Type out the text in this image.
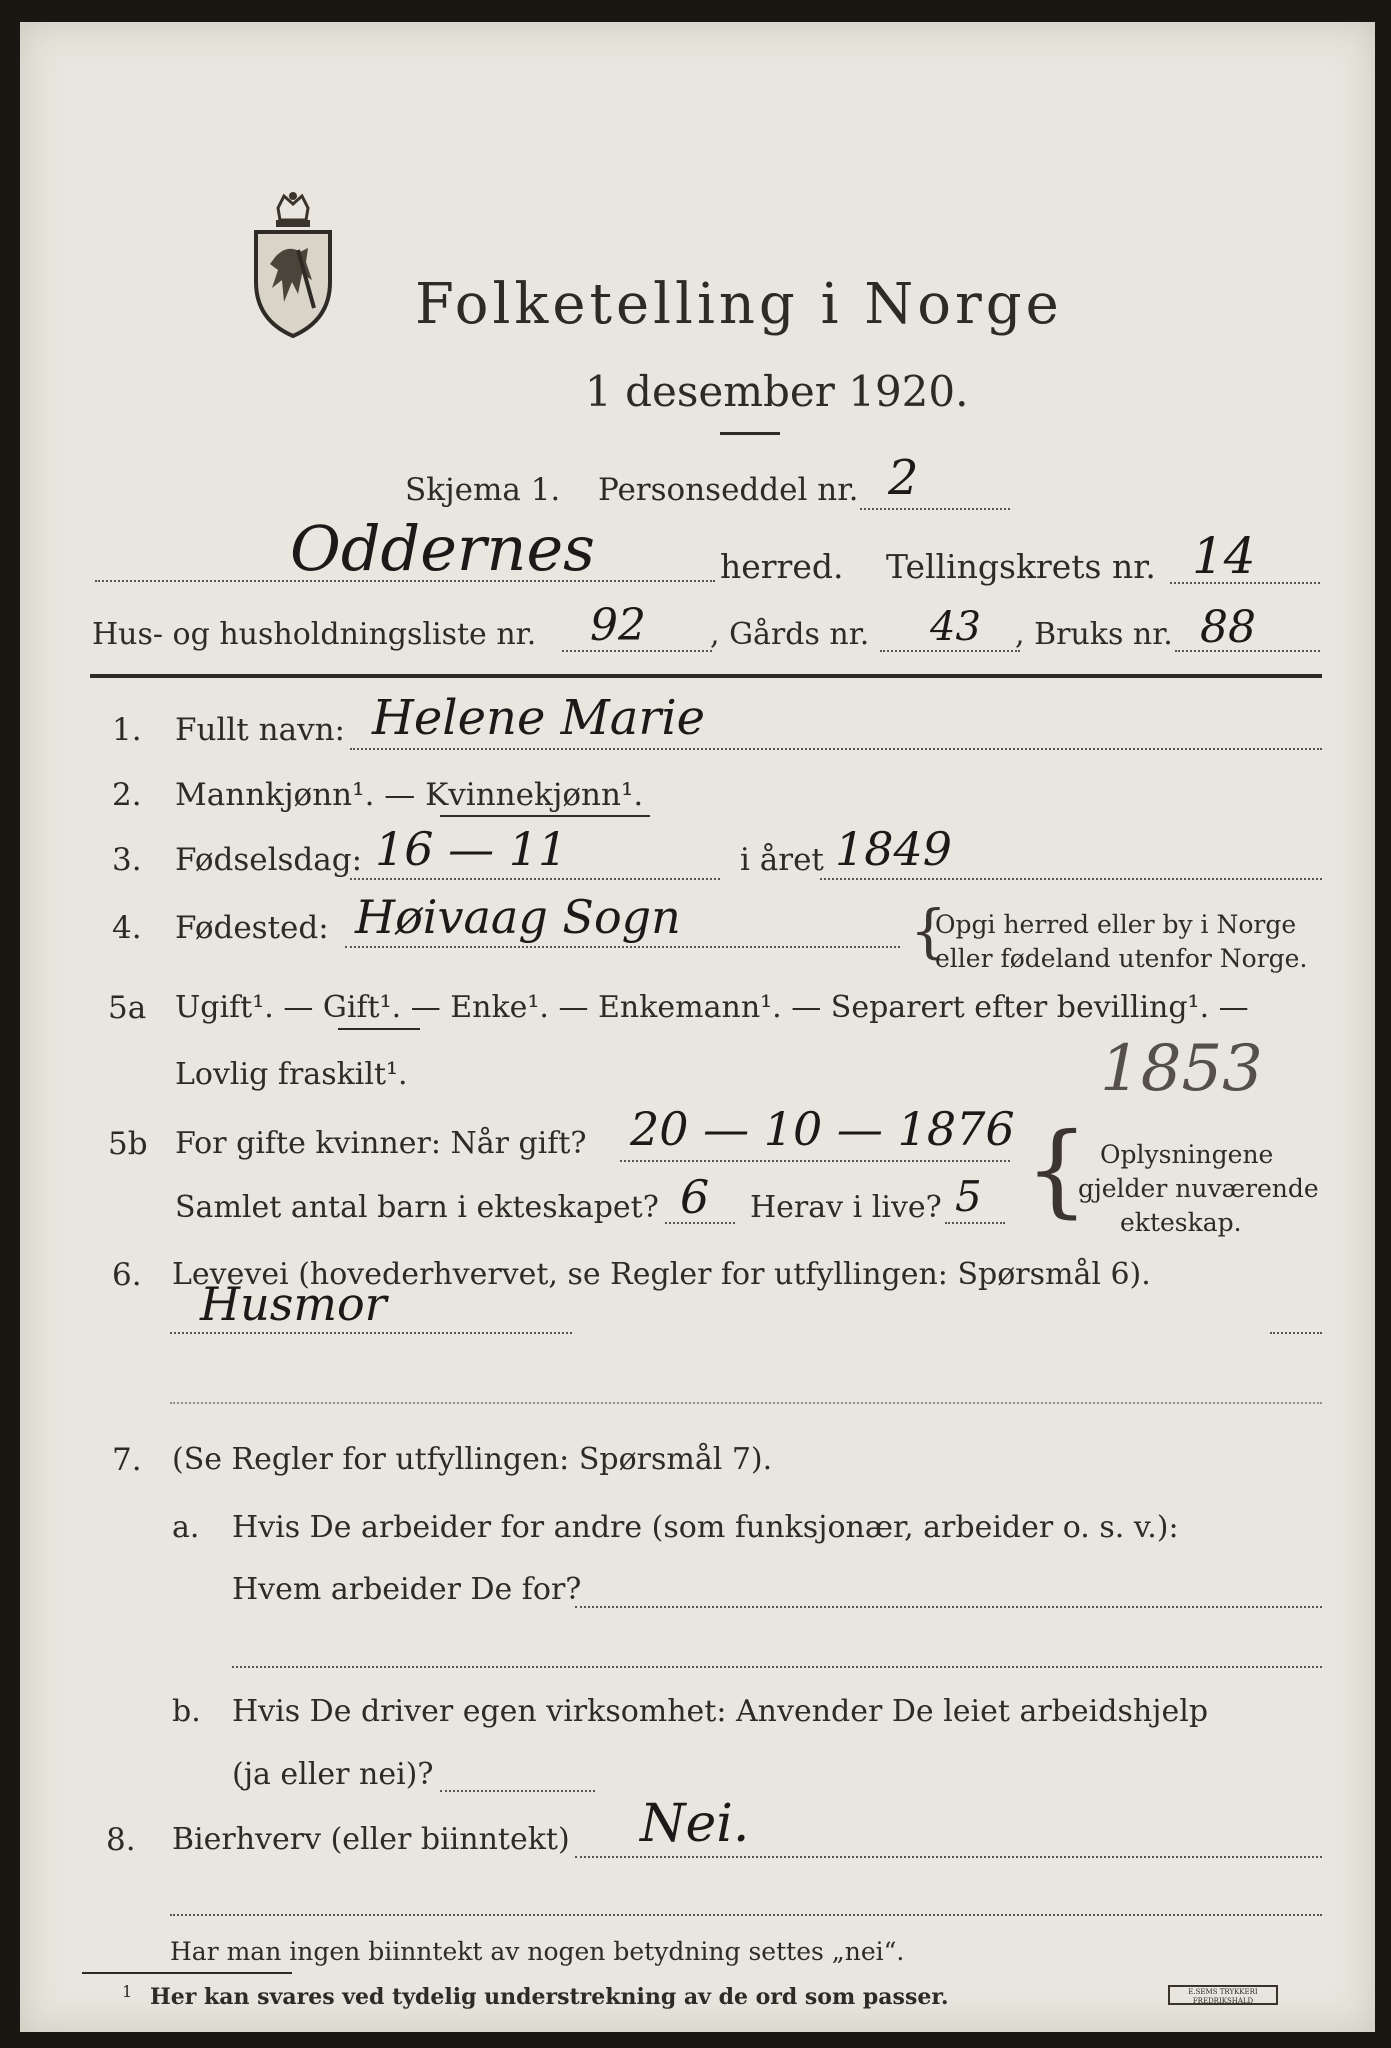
Folketelling i Norge
1 desember 1920.
Skjema 1. Personseddel nr. 2
Oddernes	herred. Tellingskrets nr. 14
Hus- og husholdningsliste nr. 92 , Gårds nr. 43 , Bruks nr. 88
1. Fullt navn: Helene Marie
2. Mannkjønn¹. — Kvinnekjønn¹.
3. Fødselsdag: 16 — 11	i året 1849
4. Fødested: Høivaag Sogn	{
Opgi herred eller by i Norge
eller fødeland utenfor Norge.
5a Ugift¹. — Gift¹. — Enke¹. — Enkemann¹. — Separert efter bevilling¹. —
Lovlig fraskilt¹.	1853
5b For gifte kvinner: Når gift? 20 — 10 — 1876
Samlet antal barn i ekteskapet? 6 Herav i live? 5 { Oplysningene
gjelder nuværende
ekteskap.
6. Levevei (hovederhvervet, se Regler for utfyllingen: Spørsmål 6).
Husmor
7. (Se Regler for utfyllingen: Spørsmål 7).
a. Hvis De arbeider for andre (som funksjonær, arbeider o. s. v.):
Hvem arbeider De for?
b. Hvis De driver egen virksomhet: Anvender De leiet arbeidshjelp
(ja eller nei)?
8. Bierhverv (eller biinntekt) Nei.
Har man ingen biinntekt av nogen betydning settes „nei“.
1 Her kan svares ved tydelig understrekning av de ord som passer.	E.SEMS TRYKKERI FREDRIKSHALD
